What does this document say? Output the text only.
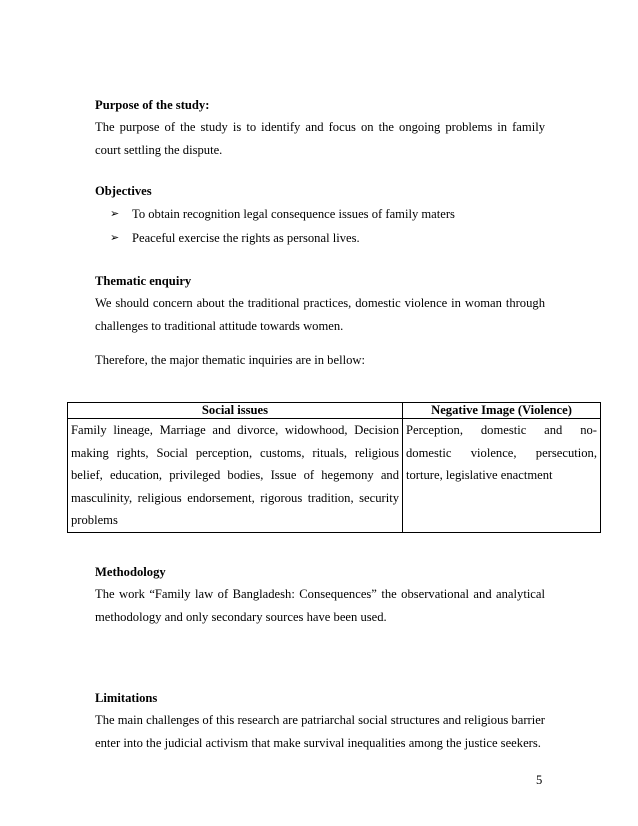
Purpose of the study:

The purpose of the study is to identify and focus on the ongoing problems in family court settling the dispute.

Objectives

➢ To obtain recognition legal consequence issues of family maters
➢ Peaceful exercise the rights as personal lives.

Thematic enquiry

We should concern about the traditional practices, domestic violence in woman through challenges to traditional attitude towards women.

Therefore, the major thematic inquiries are in bellow:

Social issues	Negative Image (Violence)
Family lineage, Marriage and divorce, widowhood, Decision making rights, Social perception, customs, rituals, religious belief, education, privileged bodies, Issue of hegemony and masculinity, religious endorsement, rigorous tradition, security problems	Perception, domestic and no-domestic violence, persecution, torture, legislative enactment

Methodology

The work “Family law of Bangladesh: Consequences” the observational and analytical methodology and only secondary sources have been used.

Limitations

The main challenges of this research are patriarchal social structures and religious barrier enter into the judicial activism that make survival inequalities among the justice seekers.

5
